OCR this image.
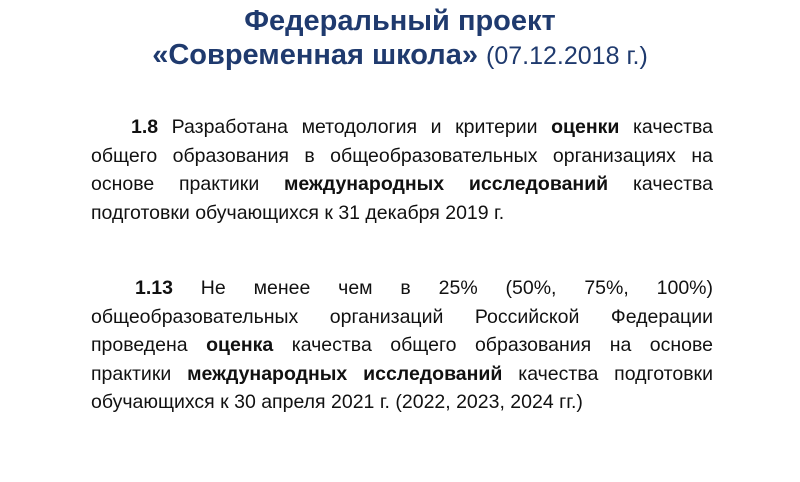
Федеральный проект
«Современная школа» (07.12.2018 г.)
1.8 Разработана методология и критерии оценки качества общего образования в общеобразовательных организациях на основе практики международных исследований качества подготовки обучающихся к 31 декабря 2019 г.
1.13 Не менее чем в 25% (50%, 75%, 100%) общеобразовательных организаций Российской Федерации проведена оценка качества общего образования на основе практики международных исследований качества подготовки обучающихся к 30 апреля 2021 г. (2022, 2023, 2024 гг.)
